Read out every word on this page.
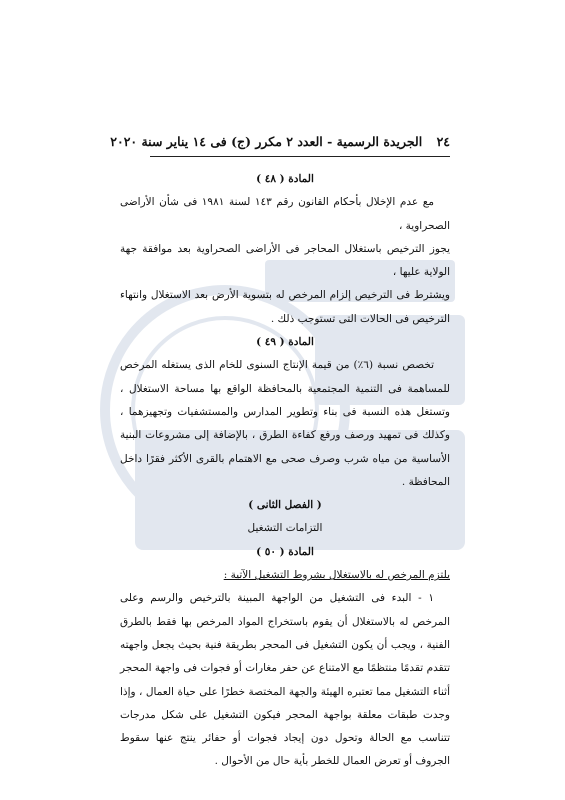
٢٤ الجريدة الرسمية - العدد ٢ مكرر (ج) فى ١٤ يناير سنة ٢٠٢٠

المادة ( ٤٨ )

مع عدم الإخلال بأحكام القانون رقم ١٤٣ لسنة ١٩٨١ فى شأن الأراضى الصحراوية ،

يجوز الترخيص باستغلال المحاجر فى الأراضى الصحراوية بعد موافقة جهة الولاية عليها ،

ويشترط فى الترخيص إلزام المرخص له بتسوية الأرض بعد الاستغلال وانتهاء الترخيص فى الحالات التى تستوجب ذلك .

المادة ( ٤٩ )

تخصص نسبة (٦٪) من قيمة الإنتاج السنوى للخام الذى يستغله المرخص للمساهمة فى التنمية المجتمعية بالمحافظة الواقع بها مساحة الاستغلال ، وتستغل هذه النسبة فى بناء وتطوير المدارس والمستشفيات وتجهيزهما ، وكذلك فى تمهيد ورصف ورفع كفاءة الطرق ، بالإضافة إلى مشروعات البنية الأساسية من مياه شرب وصرف صحى مع الاهتمام بالقرى الأكثر فقرًا داخل المحافظة .

( الفصل الثانى )

التزامات التشغيل

المادة ( ٥٠ )

يلتزم المرخص له بالاستغلال بشروط التشغيل الآتية :

١ - البدء فى التشغيل من الواجهة المبينة بالترخيص والرسم وعلى المرخص له بالاستغلال أن يقوم باستخراج المواد المرخص بها فقط بالطرق الفنية ، ويجب أن يكون التشغيل فى المحجر بطريقة فنية بحيث يجعل واجهته تتقدم تقدمًا منتظمًا مع الامتناع عن حفر مغارات أو فجوات فى واجهة المحجر أثناء التشغيل مما تعتبره الهيئة والجهة المختصة خطرًا على حياة العمال ، وإذا وجدت طبقات معلقة بواجهة المحجر فيكون التشغيل على شكل مدرجات تتناسب مع الحالة وتحول دون إيجاد فجوات أو حفائر ينتج عنها سقوط الجروف أو تعرض العمال للخطر بأية حال من الأحوال .
